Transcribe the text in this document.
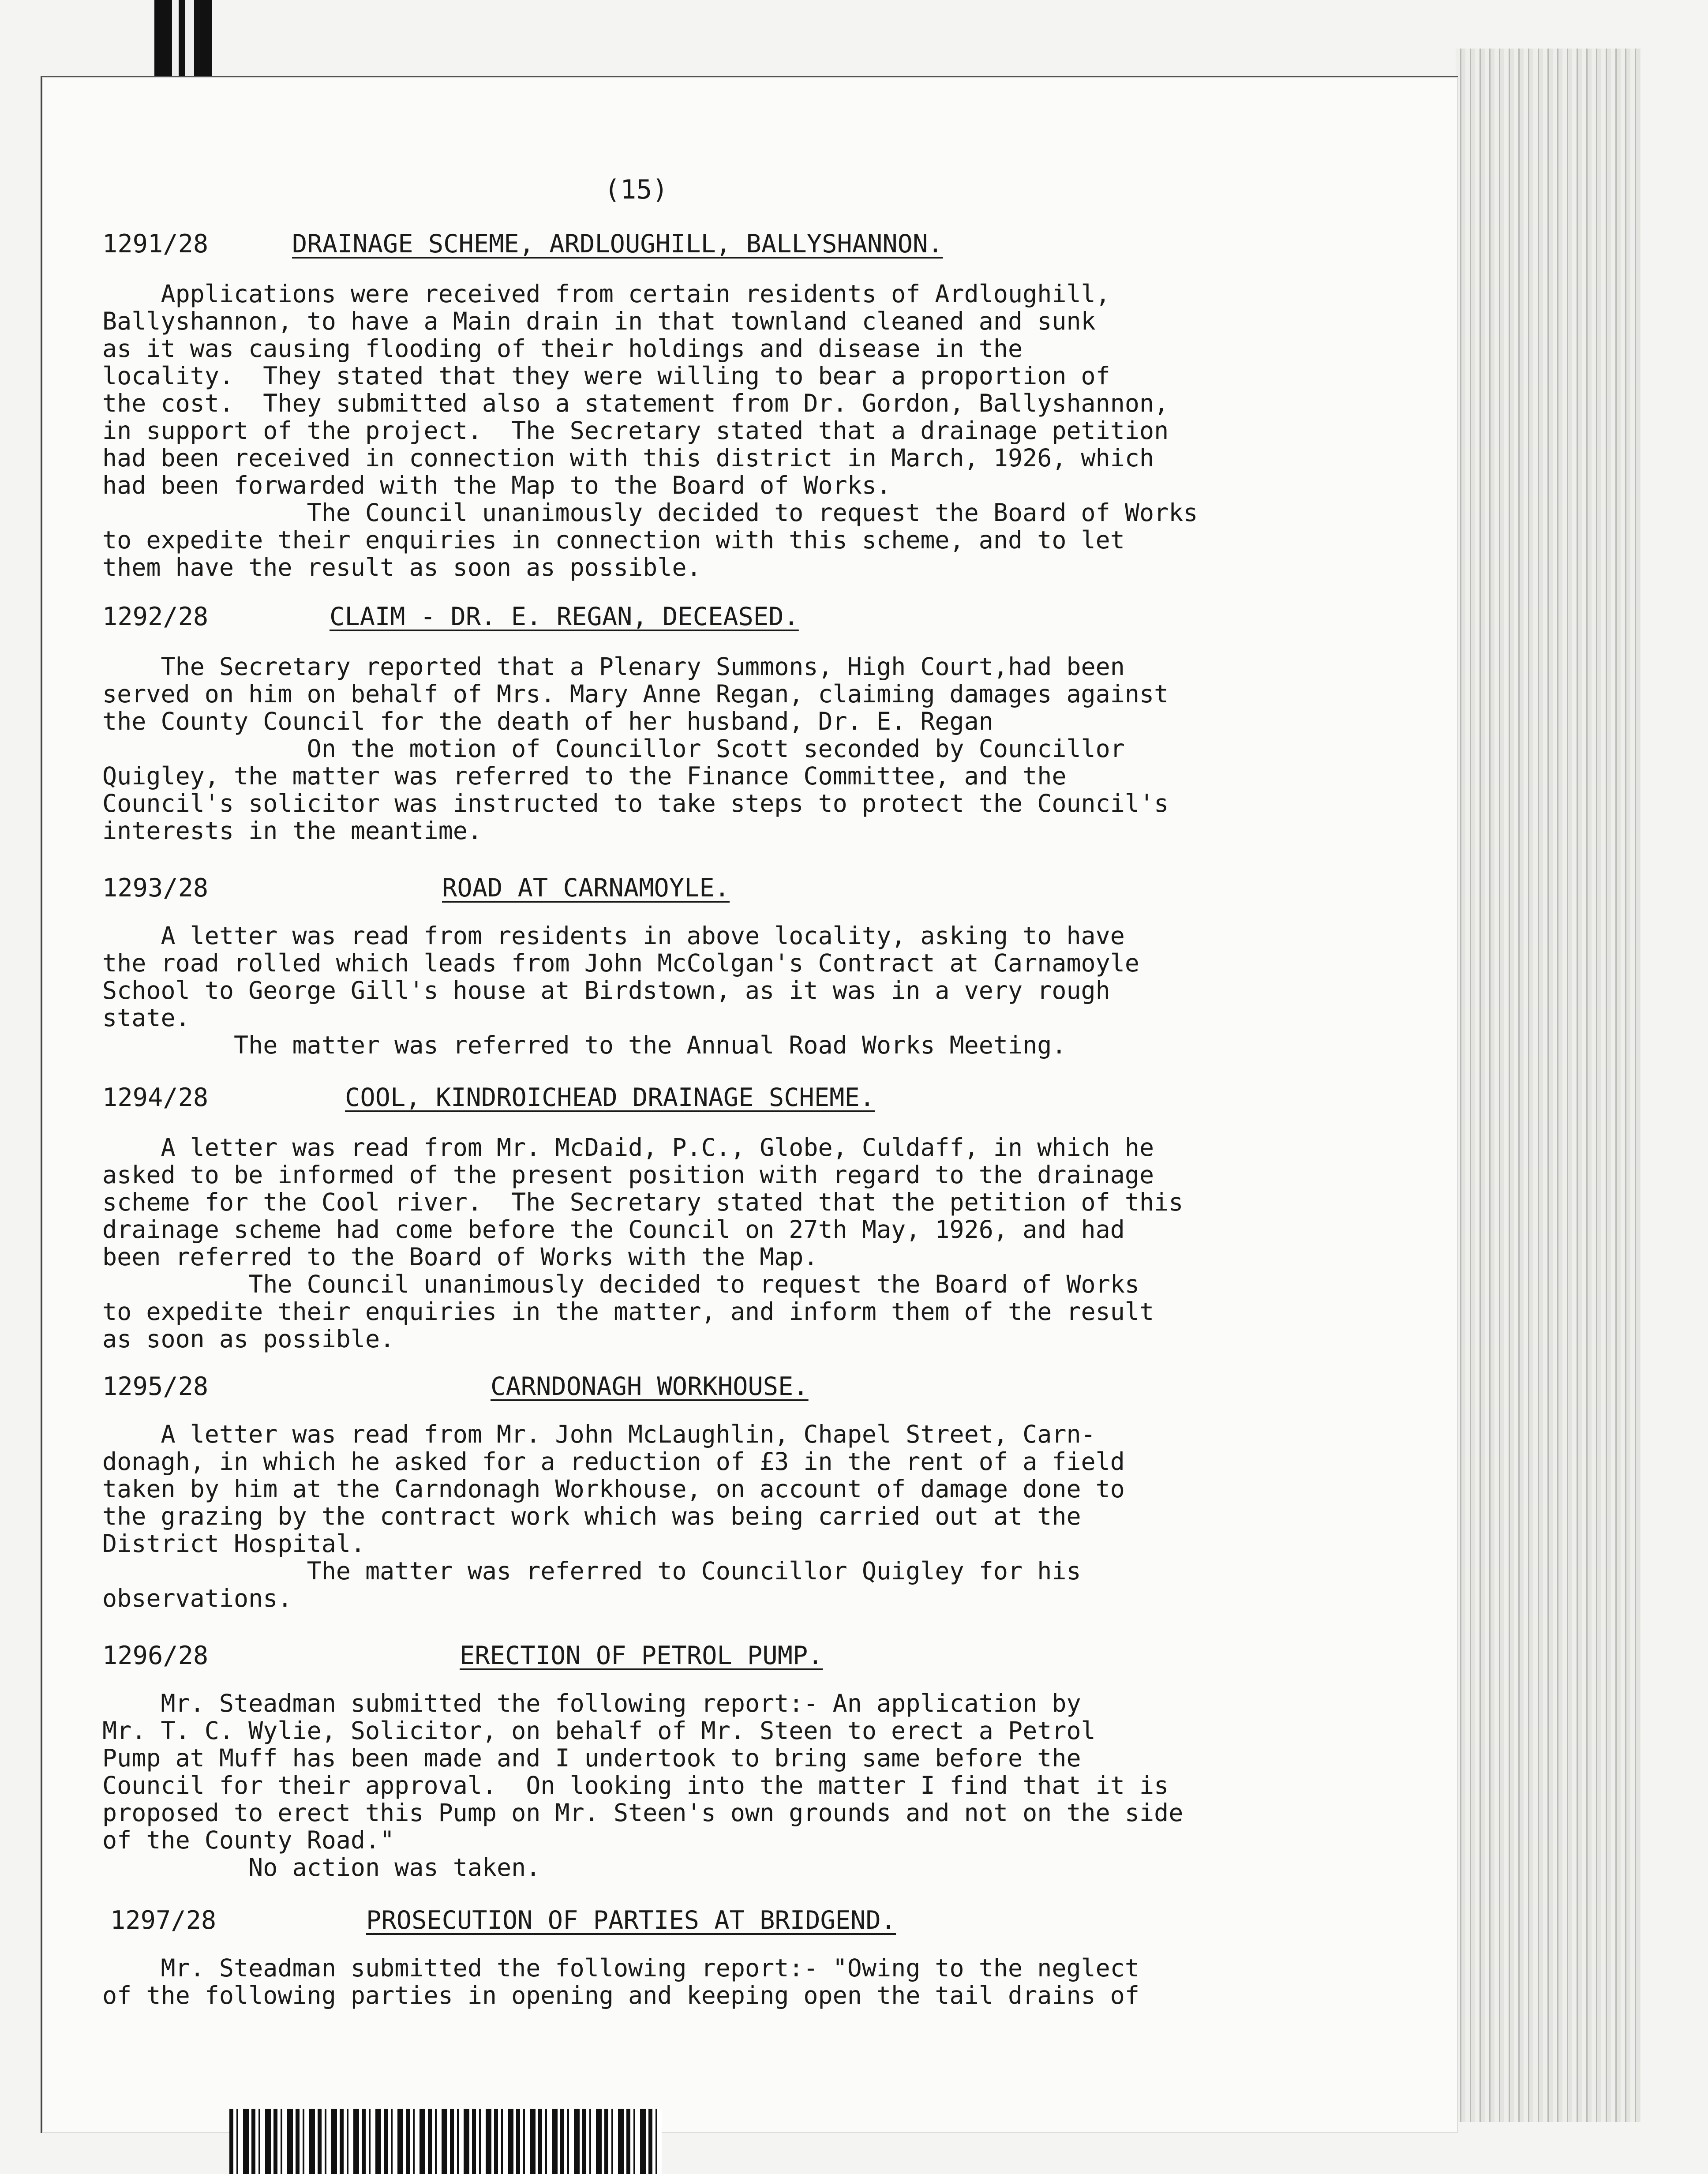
(15)

1291/28

	DRAINAGE SCHEME, ARDLOUGHILL, BALLYSHANNON.

Applications were received from certain residents of Ardloughill,
Ballyshannon, to have a Main drain in that townland cleaned and sunk
as it was causing flooding of their holdings and disease in the
locality.  They stated that they were willing to bear a proportion of
the cost.  They submitted also a statement from Dr. Gordon, Ballyshannon,
in support of the project.  The Secretary stated that a drainage petition
had been received in connection with this district in March, 1926, which
had been forwarded with the Map to the Board of Works.
The Council unanimously decided to request the Board of Works
to expedite their enquiries in connection with this scheme, and to let
them have the result as soon as possible.

1292/28

	CLAIM - DR. E. REGAN, DECEASED.

The Secretary reported that a Plenary Summons, High Court,had been
served on him on behalf of Mrs. Mary Anne Regan, claiming damages against
the County Council for the death of her husband, Dr. E. Regan
On the motion of Councillor Scott seconded by Councillor
Quigley, the matter was referred to the Finance Committee, and the
Council's solicitor was instructed to take steps to protect the Council's
interests in the meantime.

1293/28

	ROAD AT CARNAMOYLE.

A letter was read from residents in above locality, asking to have
the road rolled which leads from John McColgan's Contract at Carnamoyle
School to George Gill's house at Birdstown, as it was in a very rough
state.
The matter was referred to the Annual Road Works Meeting.

1294/28

	COOL, KINDROICHEAD DRAINAGE SCHEME.

A letter was read from Mr. McDaid, P.C., Globe, Culdaff, in which he
asked to be informed of the present position with regard to the drainage
scheme for the Cool river.  The Secretary stated that the petition of this
drainage scheme had come before the Council on 27th May, 1926, and had
been referred to the Board of Works with the Map.
The Council unanimously decided to request the Board of Works
to expedite their enquiries in the matter, and inform them of the result
as soon as possible.

1295/28

	CARNDONAGH WORKHOUSE.

A letter was read from Mr. John McLaughlin, Chapel Street, Carn-
donagh, in which he asked for a reduction of £3 in the rent of a field
taken by him at the Carndonagh Workhouse, on account of damage done to
the grazing by the contract work which was being carried out at the
District Hospital.
The matter was referred to Councillor Quigley for his
observations.

1296/28

	ERECTION OF PETROL PUMP.

Mr. Steadman submitted the following report:- An application by
Mr. T. C. Wylie, Solicitor, on behalf of Mr. Steen to erect a Petrol
Pump at Muff has been made and I undertook to bring same before the
Council for their approval.  On looking into the matter I find that it is
proposed to erect this Pump on Mr. Steen's own grounds and not on the side
of the County Road."
No action was taken.

1297/28

	PROSECUTION OF PARTIES AT BRIDGEND.

Mr. Steadman submitted the following report:- "Owing to the neglect
of the following parties in opening and keeping open the tail drains of
